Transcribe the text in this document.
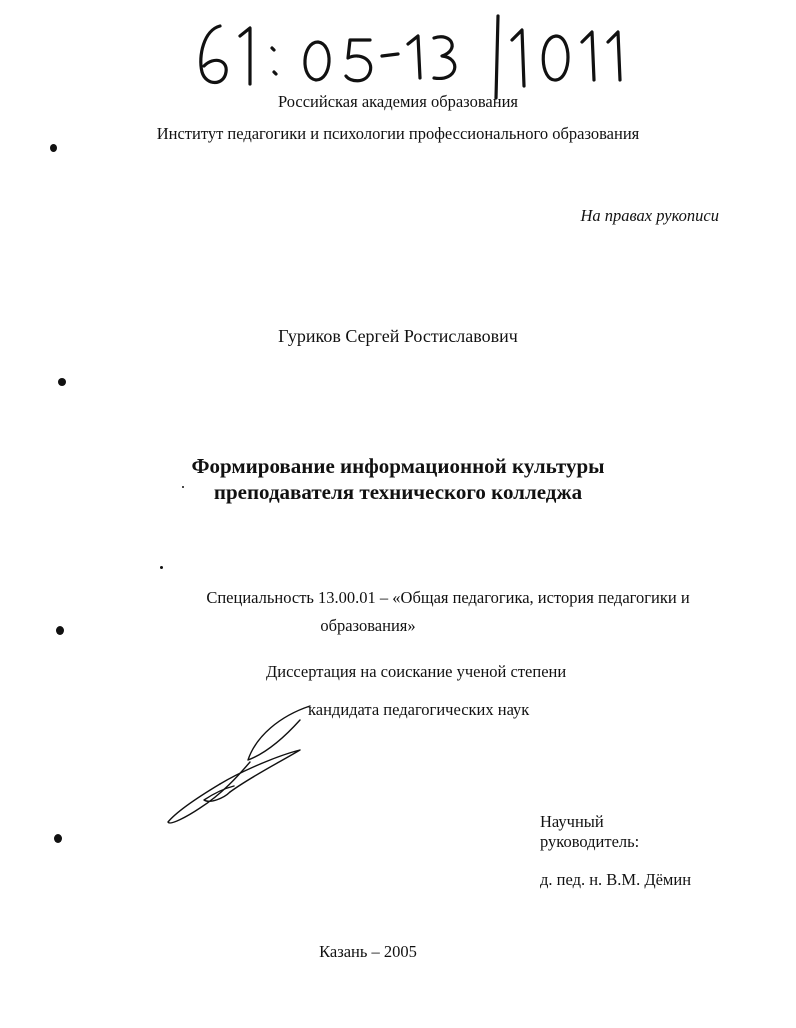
Российская академия образования
Институт педагогики и психологии профессионального образования
На правах рукописи
Гуриков Сергей Ростиславович
Формирование информационной культуры
преподавателя технического колледжа
Специальность 13.00.01 – «Общая педагогика, история педагогики и
образования»
Диссертация на соискание ученой степени
кандидата педагогических наук
Научный
руководитель:
д. пед. н. В.М. Дёмин
Казань – 2005
